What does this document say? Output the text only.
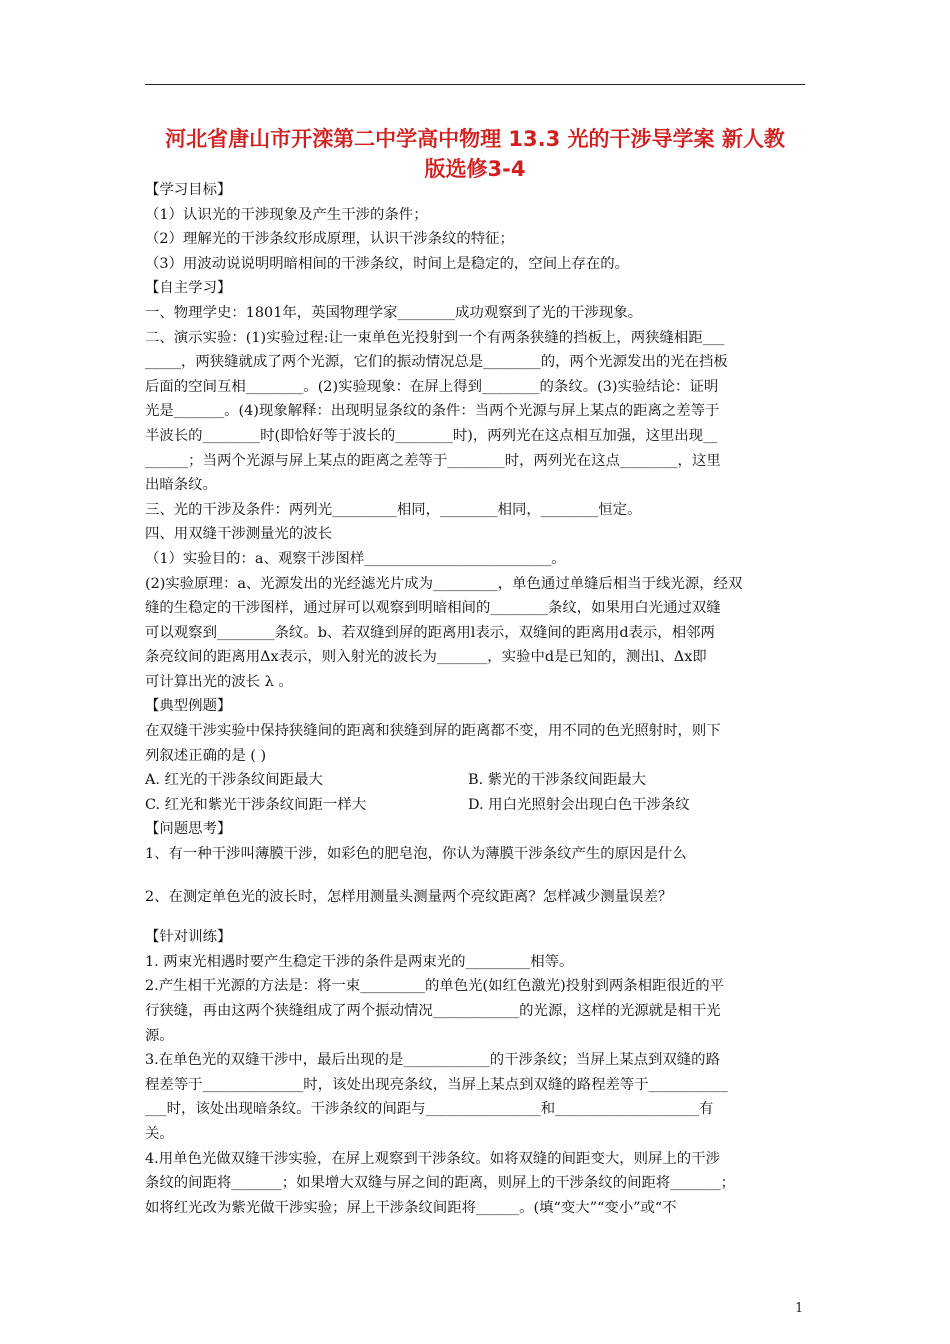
河北省唐山市开滦第二中学高中物理 13.3 光的干涉导学案 新人教
版选修3-4
【学习目标】
（1）认识光的干涉现象及产生干涉的条件；
（2）理解光的干涉条纹形成原理，认识干涉条纹的特征；
（3）用波动说说明明暗相间的干涉条纹，时间上是稳定的，空间上存在的。
【自主学习】
一、物理学史：1801年，英国物理学家________成功观察到了光的干涉现象。
二、演示实验：(1)实验过程:让一束单色光投射到一个有两条狭缝的挡板上，两狭缝相距___
_____，两狭缝就成了两个光源，它们的振动情况总是________的，两个光源发出的光在挡板
后面的空间互相________。(2)实验现象：在屏上得到________的条纹。(3)实验结论：证明
光是_______。(4)现象解释：出现明显条纹的条件：当两个光源与屏上某点的距离之差等于
半波长的________时(即恰好等于波长的________时)，两列光在这点相互加强，这里出现__
______；当两个光源与屏上某点的距离之差等于________时，两列光在这点________，这里
出暗条纹。
三、光的干涉及条件：两列光_________相同，________相同，________恒定。
四、用双缝干涉测量光的波长
（1）实验目的：a、观察干涉图样__________________________。
(2)实验原理：a、光源发出的光经滤光片成为_________，单色通过单缝后相当于线光源，经双
缝的生稳定的干涉图样，通过屏可以观察到明暗相间的________条纹，如果用白光通过双缝
可以观察到________条纹。b、若双缝到屏的距离用l表示，双缝间的距离用d表示，相邻两
条亮纹间的距离用Δx表示，则入射光的波长为_______，实验中d是已知的，测出l、Δx即
可计算出光的波长 λ 。
【典型例题】
在双缝干涉实验中保持狭缝间的距离和狭缝到屏的距离都不变，用不同的色光照射时，则下
列叙述正确的是 ( )
A. 红光的干涉条纹间距最大	B. 紫光的干涉条纹间距最大
C. 红光和紫光干涉条纹间距一样大	D. 用白光照射会出现白色干涉条纹
【问题思考】
1、有一种干涉叫薄膜干涉，如彩色的肥皂泡，你认为薄膜干涉条纹产生的原因是什么
2、在测定单色光的波长时，怎样用测量头测量两个亮纹距离？怎样减少测量误差？
【针对训练】
1. 两束光相遇时要产生稳定干涉的条件是两束光的_________相等。
2.产生相干光源的方法是：将一束_________的单色光(如红色激光)投射到两条相距很近的平
行狭缝，再由这两个狭缝组成了两个振动情况____________的光源，这样的光源就是相干光
源。
3.在单色光的双缝干涉中，最后出现的是____________的干涉条纹；当屏上某点到双缝的路
程差等于______________时，该处出现亮条纹，当屏上某点到双缝的路程差等于___________
___时，该处出现暗条纹。干涉条纹的间距与________________和____________________有
关。
4.用单色光做双缝干涉实验，在屏上观察到干涉条纹。如将双缝的间距变大，则屏上的干涉
条纹的间距将_______；如果增大双缝与屏之间的距离，则屏上的干涉条纹的间距将_______；
如将红光改为紫光做干涉实验；屏上干涉条纹间距将______。(填“变大”“变小”或“不
1
